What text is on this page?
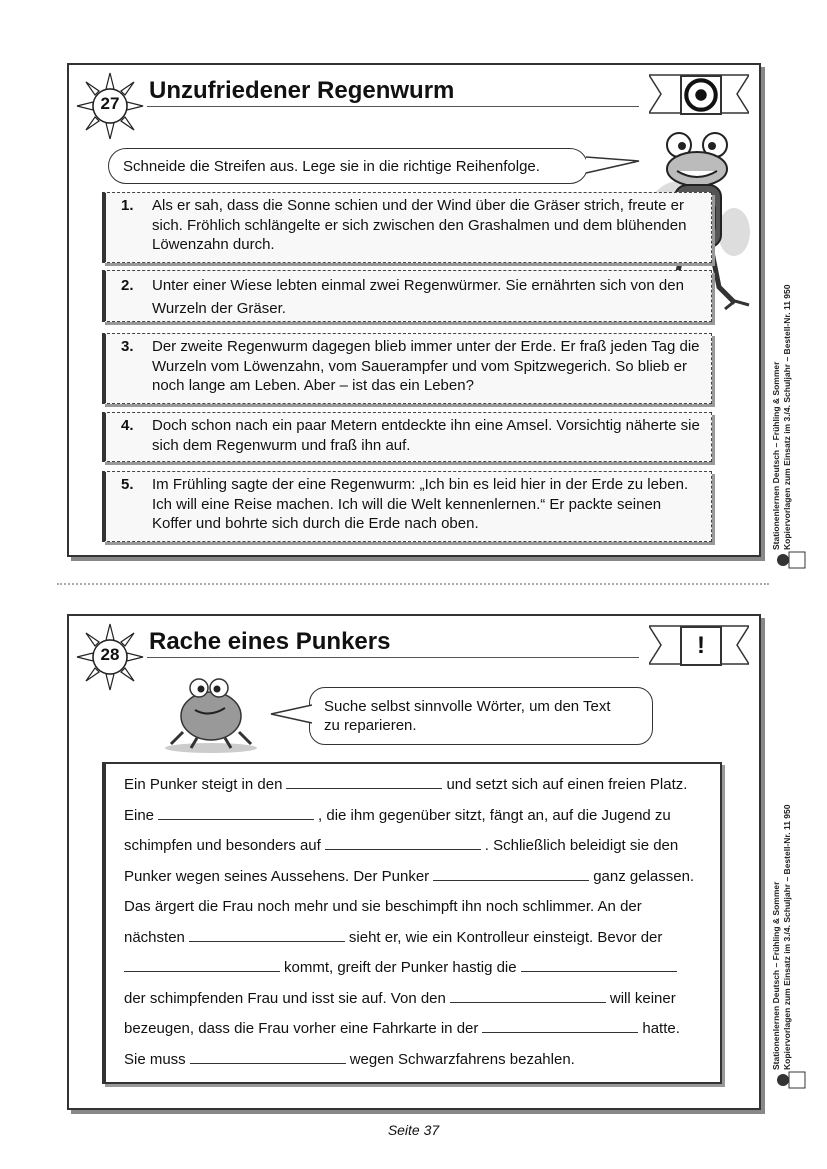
27 Unzufriedener Regenwurm
Schneide die Streifen aus. Lege sie in die richtige Reihenfolge.
1. Als er sah, dass die Sonne schien und der Wind über die Gräser strich, freute er sich. Fröhlich schlängelte er sich zwischen den Grashalmen und dem blühenden Löwenzahn durch.
2. Unter einer Wiese lebten einmal zwei Regenwürmer. Sie ernährten sich von den Wurzeln der Gräser.
3. Der zweite Regenwurm dagegen blieb immer unter der Erde. Er fraß jeden Tag die Wurzeln vom Löwenzahn, vom Sauerampfer und vom Spitzwegerich. So blieb er noch lange am Leben. Aber – ist das ein Leben?
4. Doch schon nach ein paar Metern entdeckte ihn eine Amsel. Vorsichtig näherte sie sich dem Regenwurm und fraß ihn auf.
5. Im Frühling sagte der eine Regenwurm: „Ich bin es leid hier in der Erde zu leben. Ich will eine Reise machen. Ich will die Welt kennenlernen.“ Er packte seinen Koffer und bohrte sich durch die Erde nach oben.
28 Rache eines Punkers	!
Suche selbst sinnvolle Wörter, um den Text
zu reparieren.

Ein Punker steigt in den	und setzt sich auf einen freien Platz.

Eine	, die ihm gegenüber sitzt, fängt an, auf die Jugend zu

schimpfen und besonders auf	. Schließlich beleidigt sie den

Punker wegen seines Aussehens. Der Punker	ganz gelassen.

Das ärgert die Frau noch mehr und sie beschimpft ihn noch schlimmer. An der

nächsten	sieht er, wie ein Kontrolleur einsteigt. Bevor der

kommt, greift der Punker hastig die

der schimpfenden Frau und isst sie auf. Von den	will keiner

bezeugen, dass die Frau vorher eine Fahrkarte in der	hatte.

Sie muss	wegen Schwarzfahrens bezahlen.

Stationenlernen Deutsch – Frühling & Sommer Kopiervorlagen zum Einsatz im 3./4. Schuljahr – Bestell-Nr. 11 950
Stationenlernen Deutsch – Frühling & Sommer Kopiervorlagen zum Einsatz im 3./4. Schuljahr – Bestell-Nr. 11 950
Seite 37
